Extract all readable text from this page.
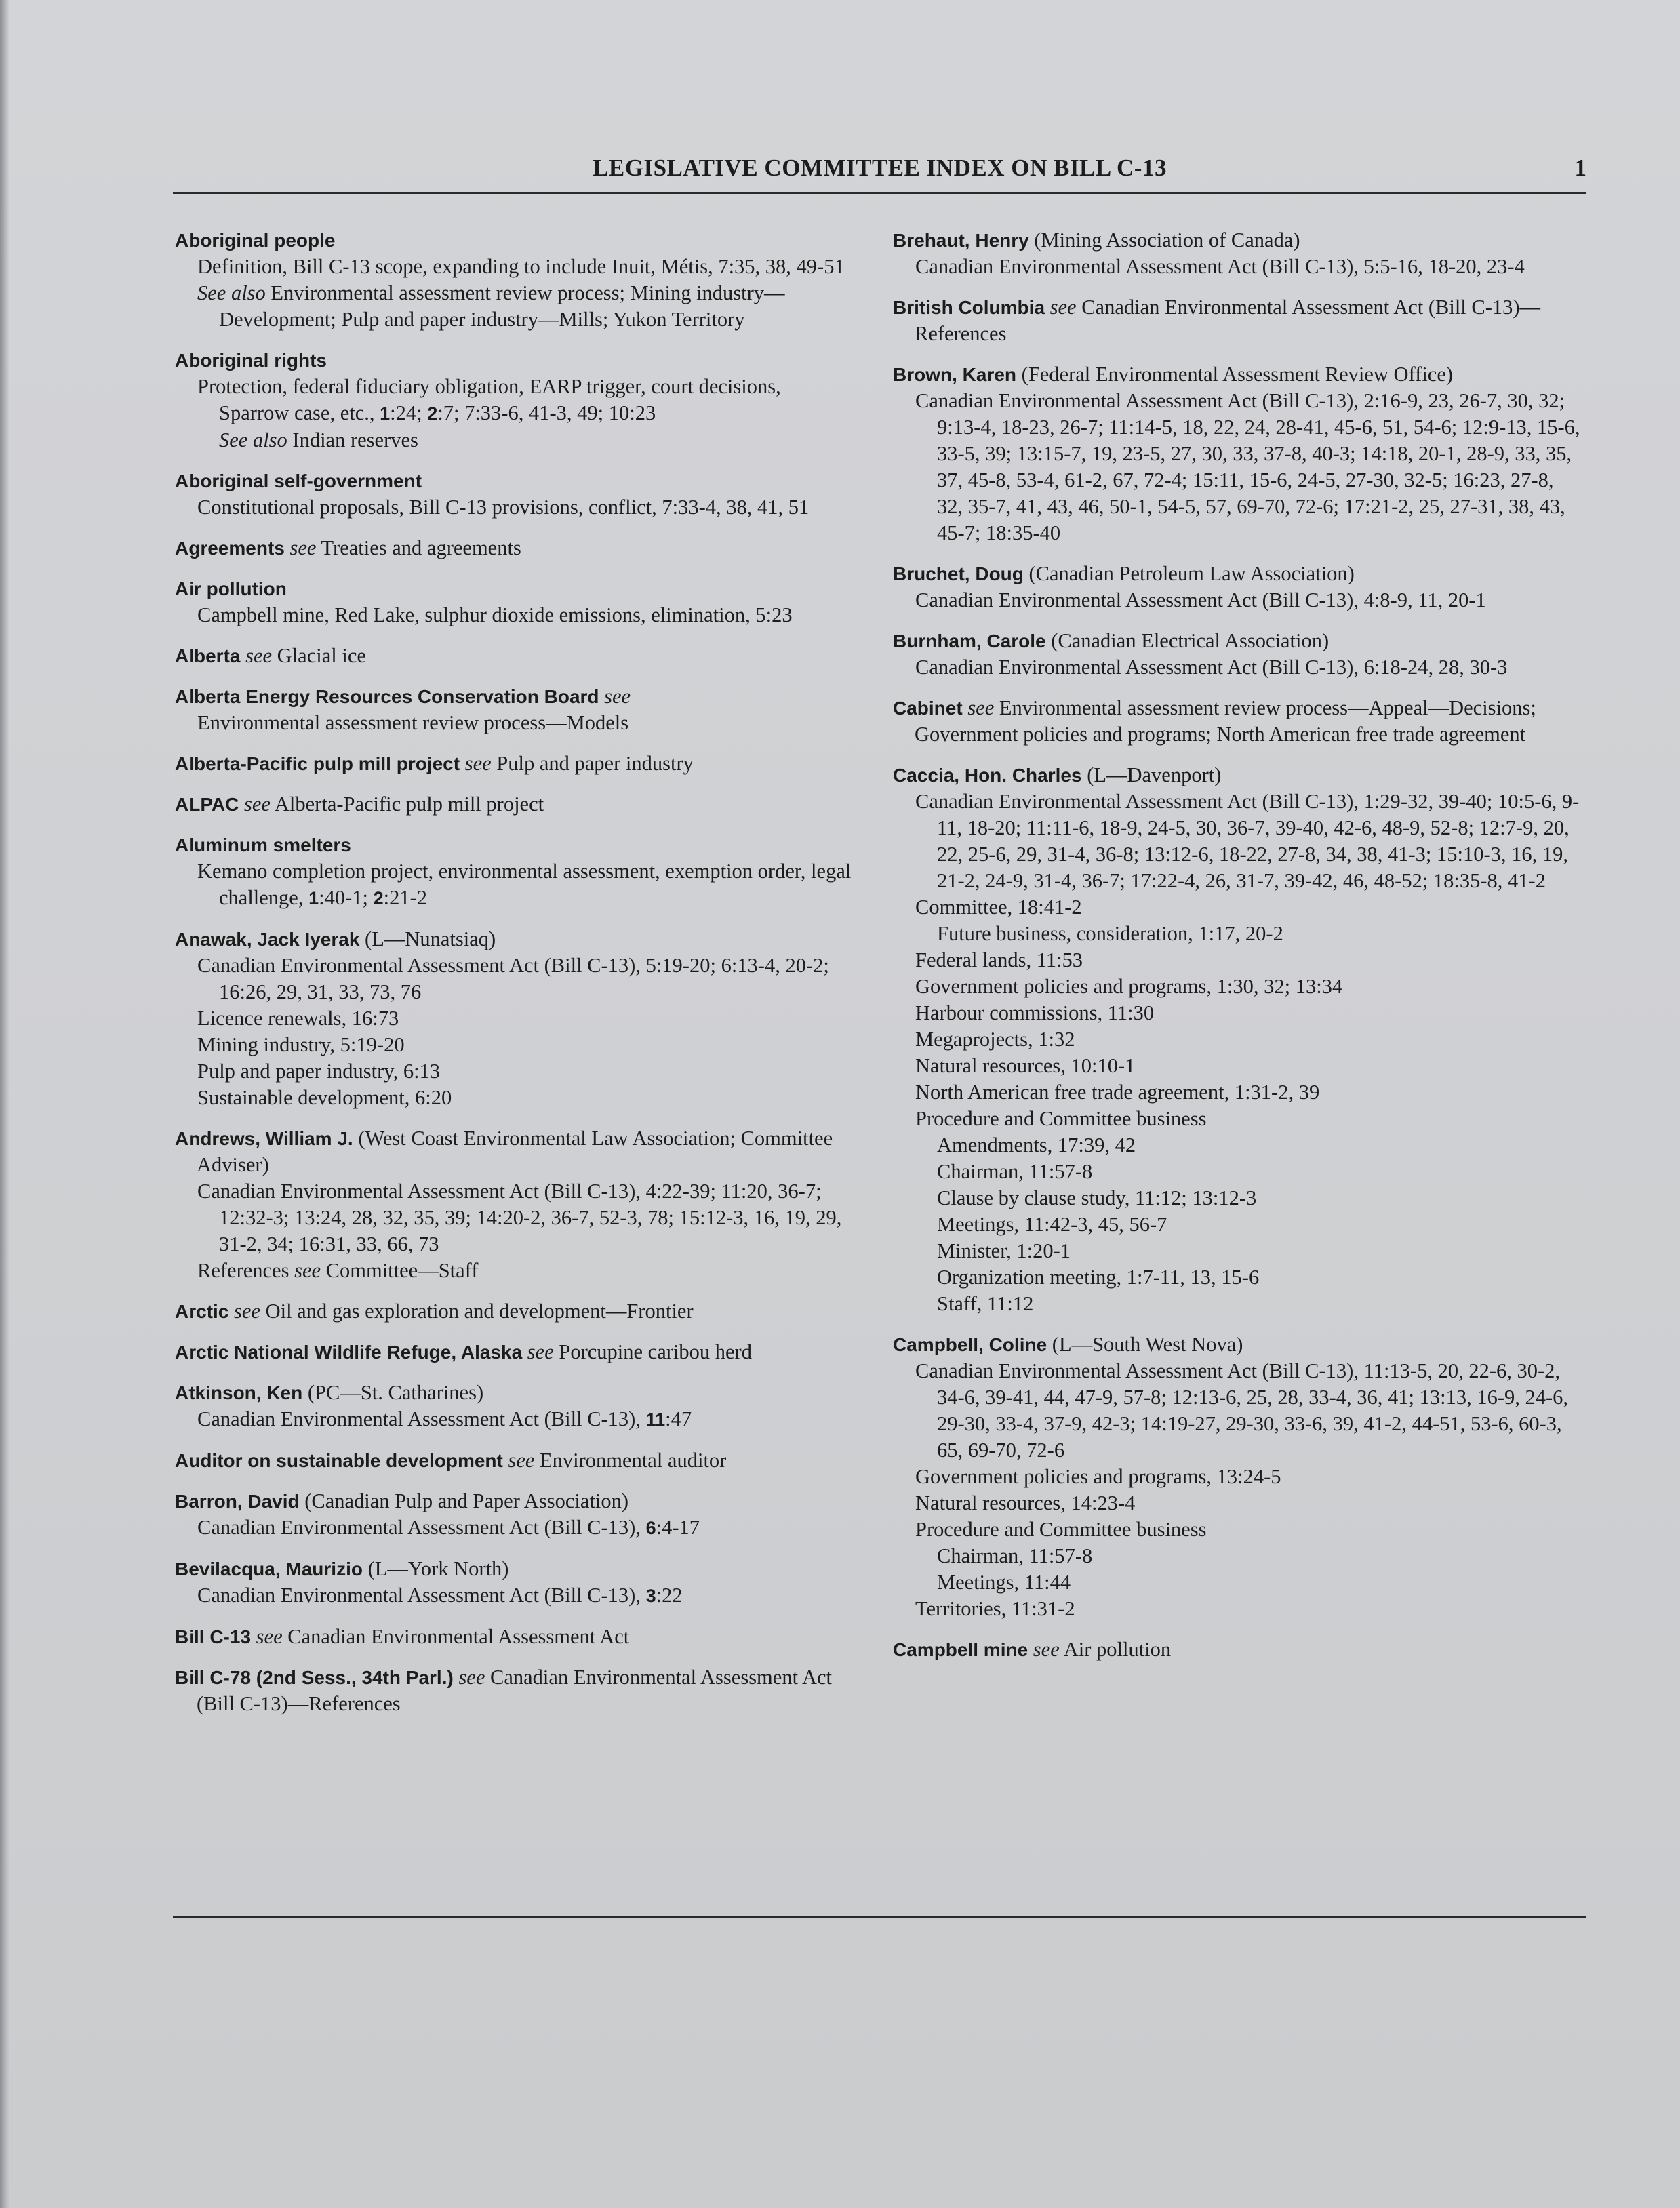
LEGISLATIVE COMMITTEE INDEX ON BILL C-13	1
Aboriginal people
Definition, Bill C-13 scope, expanding to include Inuit, Métis, 7:35, 38, 49-51
See also Environmental assessment review process; Mining industry—Development; Pulp and paper industry—Mills; Yukon Territory
Aboriginal rights
Protection, federal fiduciary obligation, EARP trigger, court decisions, Sparrow case, etc., 1:24; 2:7; 7:33-6, 41-3, 49; 10:23
See also Indian reserves
Aboriginal self-government
Constitutional proposals, Bill C-13 provisions, conflict, 7:33-4, 38, 41, 51
Agreements see Treaties and agreements
Air pollution
Campbell mine, Red Lake, sulphur dioxide emissions, elimination, 5:23
Alberta see Glacial ice
Alberta Energy Resources Conservation Board see
Environmental assessment review process—Models
Alberta-Pacific pulp mill project see Pulp and paper industry
ALPAC see Alberta-Pacific pulp mill project
Aluminum smelters
Kemano completion project, environmental assessment, exemption order, legal challenge, 1:40-1; 2:21-2
Anawak, Jack Iyerak (L—Nunatsiaq)
Canadian Environmental Assessment Act (Bill C-13), 5:19-20; 6:13-4, 20-2; 16:26, 29, 31, 33, 73, 76
Licence renewals, 16:73
Mining industry, 5:19-20
Pulp and paper industry, 6:13
Sustainable development, 6:20
Andrews, William J. (West Coast Environmental Law Association; Committee Adviser)
Canadian Environmental Assessment Act (Bill C-13), 4:22-39; 11:20, 36-7; 12:32-3; 13:24, 28, 32, 35, 39; 14:20-2, 36-7, 52-3, 78; 15:12-3, 16, 19, 29, 31-2, 34; 16:31, 33, 66, 73
References see Committee—Staff
Arctic see Oil and gas exploration and development—Frontier
Arctic National Wildlife Refuge, Alaska see Porcupine caribou herd
Atkinson, Ken (PC—St. Catharines)
Canadian Environmental Assessment Act (Bill C-13), 11:47
Auditor on sustainable development see Environmental auditor
Barron, David (Canadian Pulp and Paper Association)
Canadian Environmental Assessment Act (Bill C-13), 6:4-17
Bevilacqua, Maurizio (L—York North)
Canadian Environmental Assessment Act (Bill C-13), 3:22
Bill C-13 see Canadian Environmental Assessment Act
Bill C-78 (2nd Sess., 34th Parl.) see Canadian Environmental Assessment Act (Bill C-13)—References
Brehaut, Henry (Mining Association of Canada)
Canadian Environmental Assessment Act (Bill C-13), 5:5-16, 18-20, 23-4
British Columbia see Canadian Environmental Assessment Act (Bill C-13)—References
Brown, Karen (Federal Environmental Assessment Review Office)
Canadian Environmental Assessment Act (Bill C-13), 2:16-9, 23, 26-7, 30, 32; 9:13-4, 18-23, 26-7; 11:14-5, 18, 22, 24, 28-41, 45-6, 51, 54-6; 12:9-13, 15-6, 33-5, 39; 13:15-7, 19, 23-5, 27, 30, 33, 37-8, 40-3; 14:18, 20-1, 28-9, 33, 35, 37, 45-8, 53-4, 61-2, 67, 72-4; 15:11, 15-6, 24-5, 27-30, 32-5; 16:23, 27-8, 32, 35-7, 41, 43, 46, 50-1, 54-5, 57, 69-70, 72-6; 17:21-2, 25, 27-31, 38, 43, 45-7; 18:35-40
Bruchet, Doug (Canadian Petroleum Law Association)
Canadian Environmental Assessment Act (Bill C-13), 4:8-9, 11, 20-1
Burnham, Carole (Canadian Electrical Association)
Canadian Environmental Assessment Act (Bill C-13), 6:18-24, 28, 30-3
Cabinet see Environmental assessment review process—Appeal—Decisions; Government policies and programs; North American free trade agreement
Caccia, Hon. Charles (L—Davenport)
Canadian Environmental Assessment Act (Bill C-13), 1:29-32, 39-40; 10:5-6, 9-11, 18-20; 11:11-6, 18-9, 24-5, 30, 36-7, 39-40, 42-6, 48-9, 52-8; 12:7-9, 20, 22, 25-6, 29, 31-4, 36-8; 13:12-6, 18-22, 27-8, 34, 38, 41-3; 15:10-3, 16, 19, 21-2, 24-9, 31-4, 36-7; 17:22-4, 26, 31-7, 39-42, 46, 48-52; 18:35-8, 41-2
Committee, 18:41-2
Future business, consideration, 1:17, 20-2
Federal lands, 11:53
Government policies and programs, 1:30, 32; 13:34
Harbour commissions, 11:30
Megaprojects, 1:32
Natural resources, 10:10-1
North American free trade agreement, 1:31-2, 39
Procedure and Committee business
Amendments, 17:39, 42
Chairman, 11:57-8
Clause by clause study, 11:12; 13:12-3
Meetings, 11:42-3, 45, 56-7
Minister, 1:20-1
Organization meeting, 1:7-11, 13, 15-6
Staff, 11:12
Campbell, Coline (L—South West Nova)
Canadian Environmental Assessment Act (Bill C-13), 11:13-5, 20, 22-6, 30-2, 34-6, 39-41, 44, 47-9, 57-8; 12:13-6, 25, 28, 33-4, 36, 41; 13:13, 16-9, 24-6, 29-30, 33-4, 37-9, 42-3; 14:19-27, 29-30, 33-6, 39, 41-2, 44-51, 53-6, 60-3, 65, 69-70, 72-6
Government policies and programs, 13:24-5
Natural resources, 14:23-4
Procedure and Committee business
Chairman, 11:57-8
Meetings, 11:44
Territories, 11:31-2
Campbell mine see Air pollution
